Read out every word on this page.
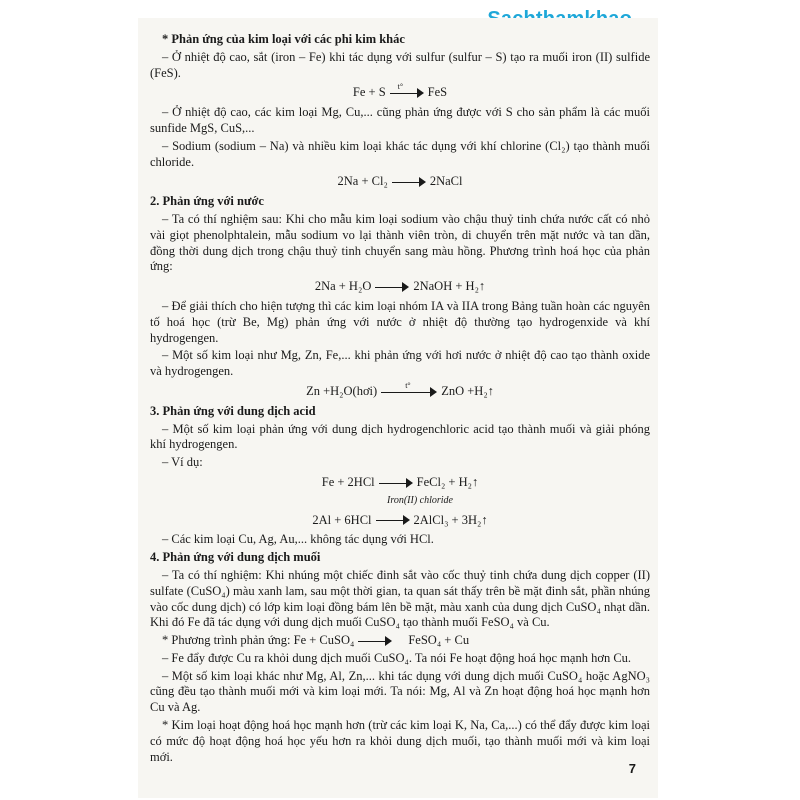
* Phản ứng của kim loại với các phi kim khác

– Ở nhiệt độ cao, sắt (iron – Fe) khi tác dụng với sulfur (sulfur – S) tạo ra muối iron (II) sulfide (FeS).

Fe + S t° FeS

– Ở nhiệt độ cao, các kim loại Mg, Cu,... cũng phản ứng được với S cho sản phẩm là các muối sunfide MgS, CuS,...

– Sodium (sodium – Na) và nhiều kim loại khác tác dụng với khí chlorine (Cl₂) tạo thành muối chloride.

2Na + Cl₂	2NaCl

2. Phản ứng với nước

– Ta có thí nghiệm sau: Khi cho mẫu kim loại sodium vào chậu thuỷ tinh chứa nước cất có nhỏ vài giọt phenolphtalein, mẫu sodium vo lại thành viên tròn, di chuyển trên mặt nước và tan dần, đồng thời dung dịch trong chậu thuỷ tinh chuyển sang màu hồng. Phương trình hoá học của phản ứng:

2Na + H₂O	2NaOH + H₂↑

– Để giải thích cho hiện tượng thì các kim loại nhóm IA và IIA trong Bảng tuần hoàn các nguyên tố hoá học (trừ Be, Mg) phản ứng với nước ở nhiệt độ thường tạo hydrogenxide và khí hydrogengen.

– Một số kim loại như Mg, Zn, Fe,... khi phản ứng với hơi nước ở nhiệt độ cao tạo thành oxide và hydrogengen.

Zn +H₂O(hơi)	t° ZnO +H₂↑

3. Phản ứng với dung dịch acid

– Một số kim loại phản ứng với dung dịch hydrogenchloric acid tạo thành muối và giải phóng khí hydrogengen.

– Ví dụ:

Fe + 2HCl	FeCl₂ + H₂↑
Iron(II) chloride
2Al + 6HCl	2AlCl₃ + 3H₂↑

– Các kim loại Cu, Ag, Au,... không tác dụng với HCl.

4. Phản ứng với dung dịch muối

– Ta có thí nghiệm: Khi nhúng một chiếc đinh sắt vào cốc thuỷ tinh chứa dung dịch copper (II) sulfate (CuSO₄) màu xanh lam, sau một thời gian, ta quan sát thấy trên bề mặt đinh sắt, phần nhúng vào cốc dung dịch) có lớp kim loại đồng bám lên bề mặt, màu xanh của dung dịch CuSO₄ nhạt dần. Khi đó Fe đã tác dụng với dung dịch muối CuSO₄ tạo thành muối FeSO₄ và Cu.

* Phương trình phản ứng: Fe + CuSO₄	FeSO₄ + Cu

– Fe đẩy được Cu ra khỏi dung dịch muối CuSO₄. Ta nói Fe hoạt động hoá học mạnh hơn Cu.

– Một số kim loại khác như Mg, Al, Zn,... khi tác dụng với dung dịch muối CuSO₄ hoặc AgNO₃ cũng đều tạo thành muối mới và kim loại mới. Ta nói: Mg, Al và Zn hoạt động hoá học mạnh hơn Cu và Ag.

* Kim loại hoạt động hoá học mạnh hơn (trừ các kim loại K, Na, Ca,...) có thể đẩy được kim loại có mức độ hoạt động hoá học yếu hơn ra khỏi dung dịch muối, tạo thành muối mới và kim loại mới.

7
